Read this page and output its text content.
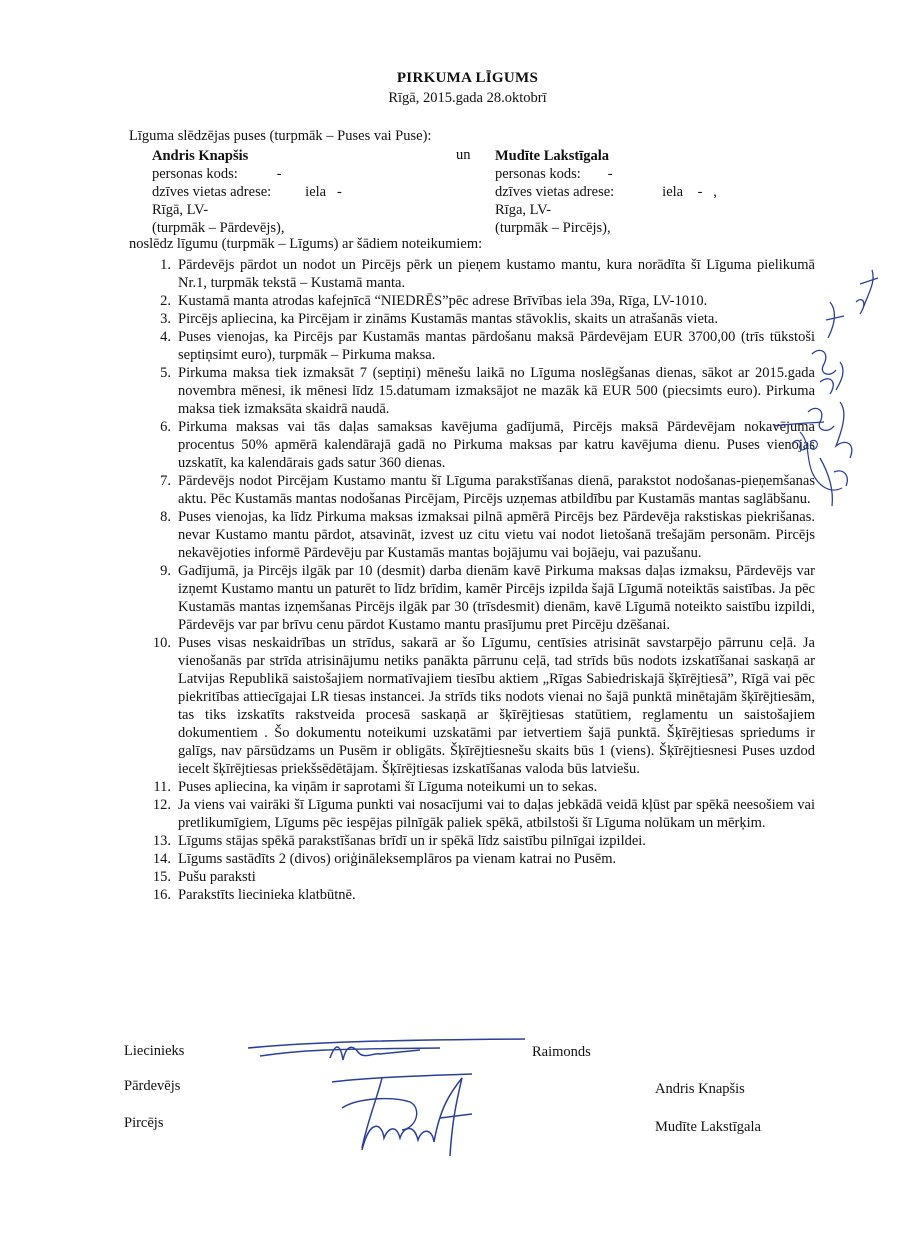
PIRKUMA LĪGUMS
Rīgā, 2015.gada 28.oktobrī
Līguma slēdzējas puses (turpmāk – Puses vai Puse):
Andris Knapšis
personas kods:	-
dzīves vietas adrese: iela   -
Rīgā, LV-
(turpmāk – Pārdevējs),
un Mudīte Lakstīgala
personas kods: -
dzīves vietas adrese:	iela    -   ,
Rīga, LV-
(turpmāk – Pircējs),
noslēdz līgumu (turpmāk – Līgums) ar šādiem noteikumiem:
1. Pārdevējs pārdot un nodot un Pircējs pērk un pieņem kustamo mantu, kura norādīta šī Līguma pielikumā Nr.1, turpmāk tekstā – Kustamā manta.
2. Kustamā manta atrodas kafejnīcā “NIEDRĒS”pēc adrese Brīvības iela 39a, Rīga, LV-1010.
3. Pircējs apliecina, ka Pircējam ir zināms Kustamās mantas stāvoklis, skaits un atrašanās vieta.
4. Puses vienojas, ka Pircējs par Kustamās mantas pārdošanu maksā Pārdevējam EUR 3700,00 (trīs tūkstoši septiņsimt euro), turpmāk – Pirkuma maksa.
5. Pirkuma maksa tiek izmaksāt 7 (septiņi) mēnešu laikā no Līguma noslēgšanas dienas, sākot ar 2015.gada novembra mēnesi, ik mēnesi līdz 15.datumam izmaksājot ne mazāk kā EUR 500 (piecsimts euro). Pirkuma maksa tiek izmaksāta skaidrā naudā.
6. Pirkuma maksas vai tās daļas samaksas kavējuma gadījumā, Pircējs maksā Pārdevējam nokavējuma procentus 50% apmērā kalendārajā gadā no Pirkuma maksas par katru kavējuma dienu. Puses vienojas uzskatīt, ka kalendārais gads satur 360 dienas.
7. Pārdevējs nodot Pircējam Kustamo mantu šī Līguma parakstīšanas dienā, parakstot nodošanas-pieņemšanas aktu. Pēc Kustamās mantas nodošanas Pircējam, Pircējs uzņemas atbildību par Kustamās mantas saglābšanu.
8. Puses vienojas, ka līdz Pirkuma maksas izmaksai pilnā apmērā Pircējs bez Pārdevēja rakstiskas piekrišanas. nevar Kustamo mantu pārdot, atsavināt, izvest uz citu vietu vai nodot lietošanā trešajām personām. Pircējs nekavējoties informē Pārdevēju par Kustamās mantas bojājumu vai bojāeju, vai pazušanu.
9. Gadījumā, ja Pircējs ilgāk par 10 (desmit) darba dienām kavē Pirkuma maksas daļas izmaksu, Pārdevējs var izņemt Kustamo mantu un paturēt to līdz brīdim, kamēr Pircējs izpilda šajā Līgumā noteiktās saistības. Ja pēc Kustamās mantas izņemšanas Pircējs ilgāk par 30 (trīsdesmit) dienām, kavē Līgumā noteikto saistību izpildi, Pārdevējs var par brīvu cenu pārdot Kustamo mantu prasījumu pret Pircēju dzēšanai.
10. Puses visas neskaidrības un strīdus, sakarā ar šo Līgumu, centīsies atrisināt savstarpējo pārrunu ceļā. Ja vienošanās par strīda atrisinājumu netiks panākta pārrunu ceļā, tad strīds būs nodots izskatīšanai saskaņā ar Latvijas Republikā saistošajiem normatīvajiem tiesību aktiem „Rīgas Sabiedriskajā šķīrējtiesā”, Rīgā vai pēc piekritības attiecīgajai LR tiesas instancei. Ja strīds tiks nodots vienai no šajā punktā minētajām šķīrējtiesām, tas tiks izskatīts rakstveida procesā saskaņā ar šķīrējtiesas statūtiem, reglamentu un saistošajiem dokumentiem . Šo dokumentu noteikumi uzskatāmi par ietvertiem šajā punktā. Šķīrējtiesas spriedums ir galīgs, nav pārsūdzams un Pusēm ir obligāts. Šķīrējtiesnešu skaits būs 1 (viens). Šķīrējtiesnesi Puses uzdod iecelt šķīrējtiesas priekšsēdētājam. Šķīrējtiesas izskatīšanas valoda būs latviešu.
11. Puses apliecina, ka viņām ir saprotami šī Līguma noteikumi un to sekas.
12. Ja viens vai vairāki šī Līguma punkti vai nosacījumi vai to daļas jebkādā veidā kļūst par spēkā neesošiem vai pretlikumīgiem, Līgums pēc iespējas pilnīgāk paliek spēkā, atbilstoši šī Līguma nolūkam un mērķim.
13. Līgums stājas spēkā parakstīšanas brīdī un ir spēkā līdz saistību pilnīgai izpildei.
14. Līgums sastādīts 2 (divos) oriģināleksemplāros pa vienam katrai no Pusēm.
15. Pušu paraksti
16. Parakstīts liecinieka klatbūtnē.
Liecinieks	Raimonds
Pārdevējs	Andris Knapšis
Pircējs	Mudīte Lakstīgala
